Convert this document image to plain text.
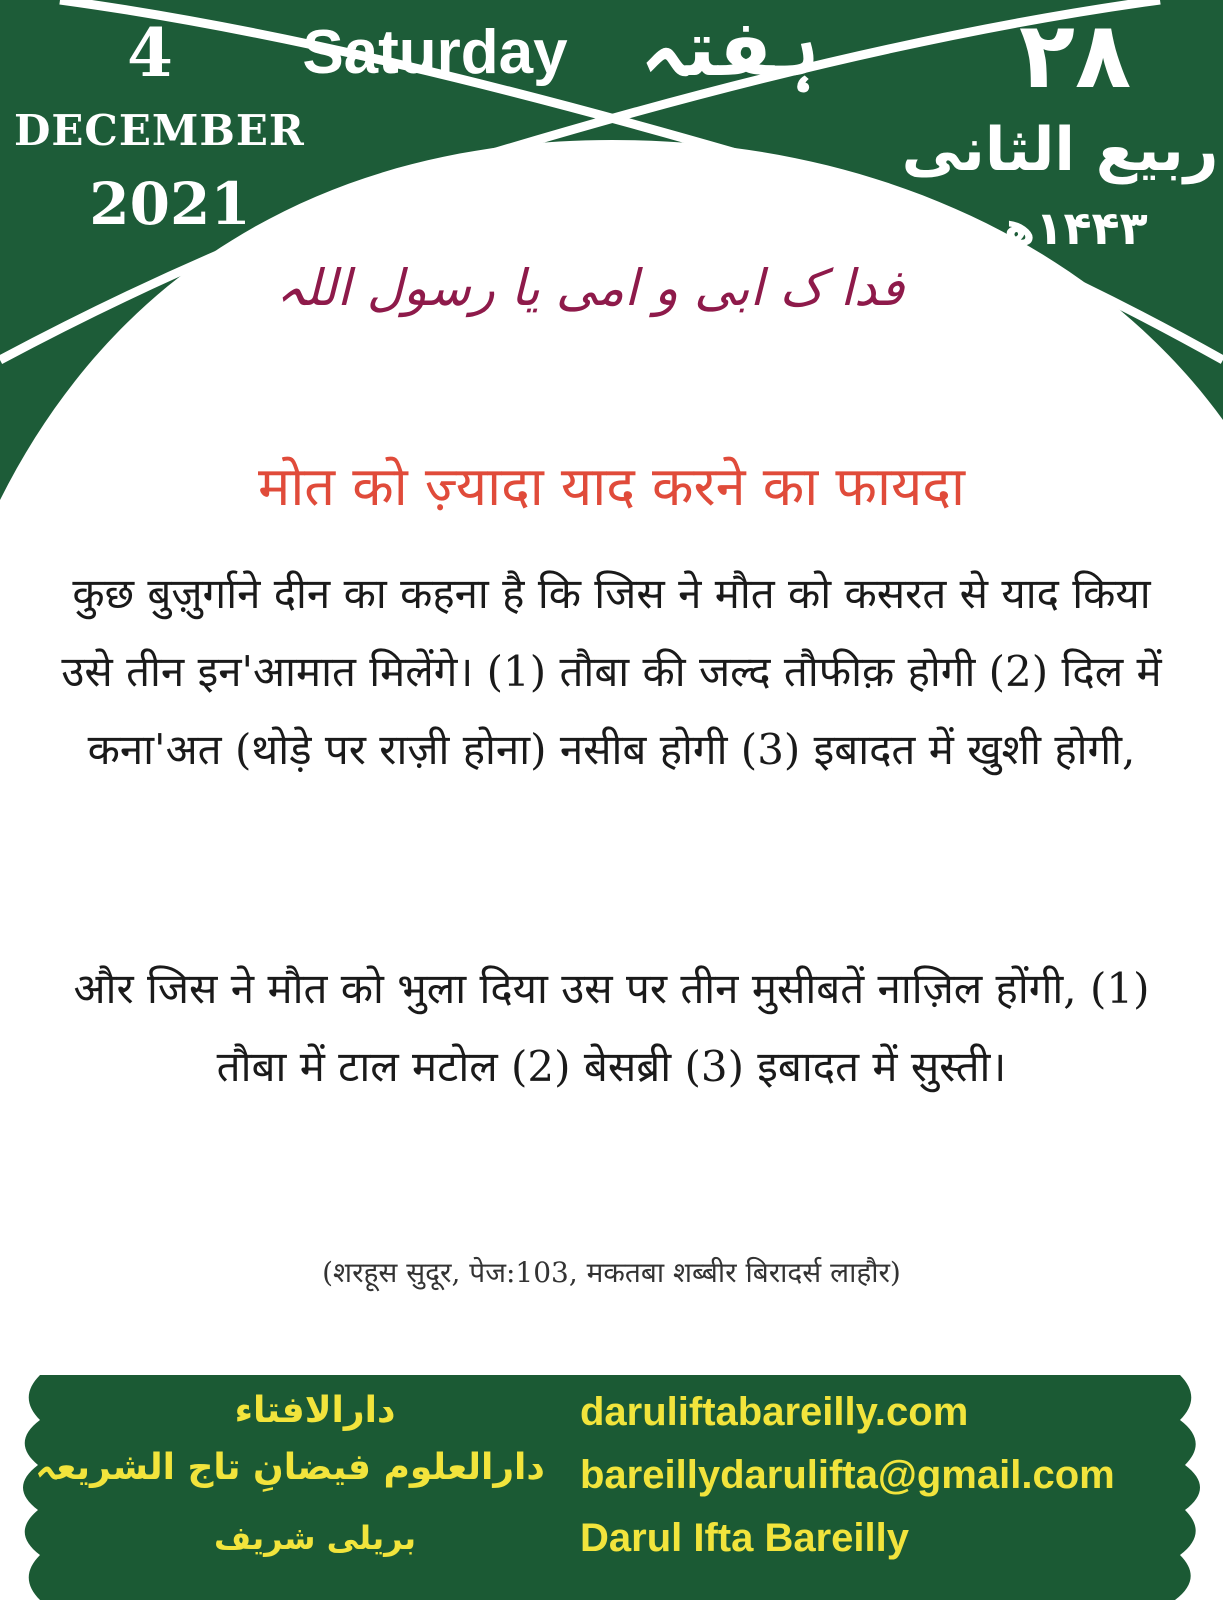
4
DECEMBER
2021
Saturday ہفتہ	۲۸
ربیع الثانی
۱۴۴۳ھ
فدا ک ابی و امی یا رسول اللہ
मोत को ज़्यादा याद करने का फायदा

कुछ बुज़ुर्गाने दीन का कहना है कि जिस ने मौत को कसरत से याद किया उसे तीन इन'आमात मिलेंगे। (1) तौबा की जल्द तौफीक़ होगी (2) दिल में कना'अत (थोड़े पर राज़ी होना) नसीब होगी (3) इबादत में खुशी होगी,

और जिस ने मौत को भुला दिया उस पर तीन मुसीबतें नाज़िल होंगी, (1) तौबा में टाल मटोल (2) बेसब्री (3) इबादत में सुस्ती।

(शरहूस सुदूर, पेज:103, मकतबा शब्बीर बिरादर्स लाहौर)

دارالافتاء
دارالعلوم فیضانِ تاج الشریعہ
بریلی شریف
daruliftabareilly.com
bareillydarulifta@gmail.com
Darul Ifta Bareilly
